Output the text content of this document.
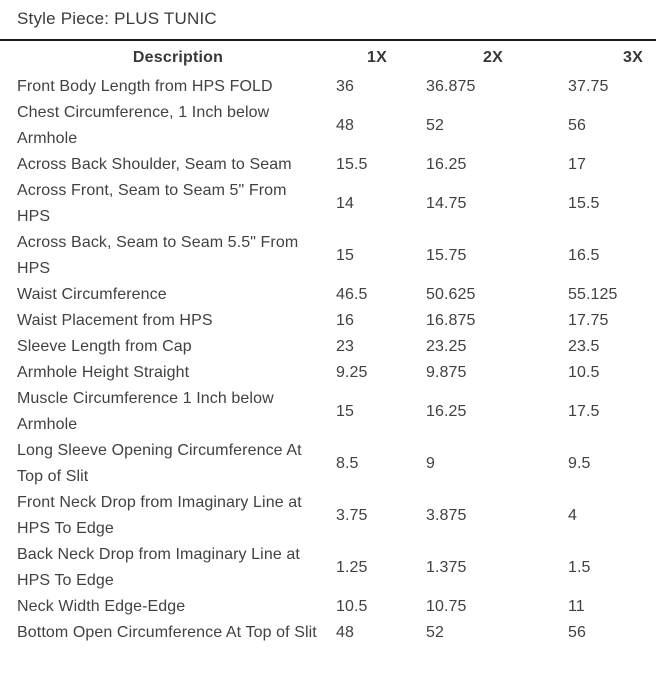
Style Piece: PLUS TUNIC
Description	1X	2X	3X
Front Body Length from HPS FOLD	36	36.875	37.75
Chest Circumference, 1 Inch below Armhole	48	52	56
Across Back Shoulder, Seam to Seam	15.5	16.25	17
Across Front, Seam to Seam 5" From HPS	14	14.75	15.5
Across Back, Seam to Seam 5.5" From HPS	15	15.75	16.5
Waist Circumference	46.5	50.625	55.125
Waist Placement from HPS	16	16.875	17.75
Sleeve Length from Cap	23	23.25	23.5
Armhole Height Straight	9.25	9.875	10.5
Muscle Circumference 1 Inch below Armhole	15	16.25	17.5
Long Sleeve Opening Circumference At Top of Slit	8.5	9	9.5
Front Neck Drop from Imaginary Line at HPS To Edge	3.75	3.875	4
Back Neck Drop from Imaginary Line at HPS To Edge	1.25	1.375	1.5
Neck Width Edge-Edge	10.5	10.75	11
Bottom Open Circumference At Top of Slit	48	52	56
